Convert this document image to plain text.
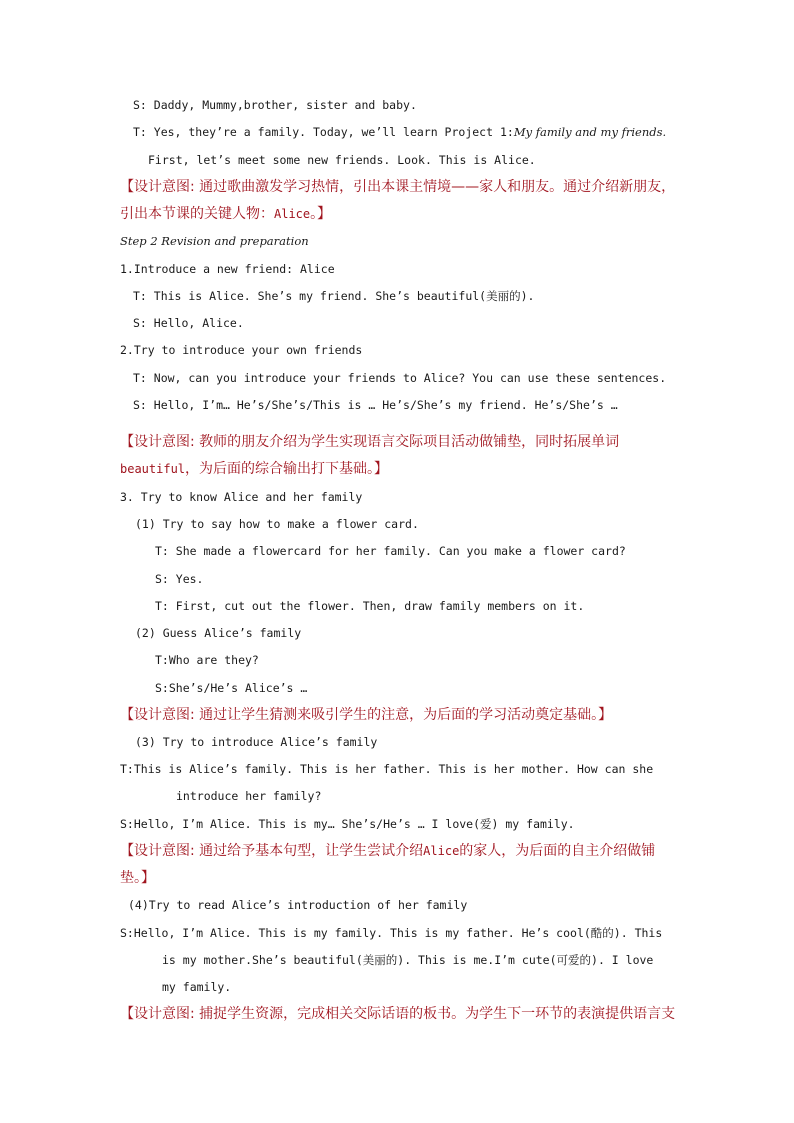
S: Daddy, Mummy,brother, sister and baby.
T: Yes, they’re a family. Today, we’ll learn Project 1:My family and my friends.
First, let’s meet some new friends. Look. This is Alice.
【设计意图: 通过歌曲激发学习热情，引出本课主情境——家人和朋友。通过介绍新朋友，
引出本节课的关键人物：Alice。】
Step 2 Revision and preparation
1.Introduce a new friend: Alice
T: This is Alice. She’s my friend. She’s beautiful(美丽的).
S: Hello, Alice.
2.Try to introduce your own friends
T: Now, can you introduce your friends to Alice? You can use these sentences.
S: Hello, I’m… He’s/She’s/This is … He’s/She’s my friend. He’s/She’s …
【设计意图: 教师的朋友介绍为学生实现语言交际项目活动做铺垫，同时拓展单词
beautiful，为后面的综合输出打下基础。】
3. Try to know Alice and her family
(1) Try to say how to make a flower card.
T: She made a flowercard for her family. Can you make a flower card?
S: Yes.
T: First, cut out the flower. Then, draw family members on it.
(2) Guess Alice’s family
T:Who are they?
S:She’s/He’s Alice’s …
【设计意图: 通过让学生猜测来吸引学生的注意，为后面的学习活动奠定基础。】
(3) Try to introduce Alice’s family
T:This is Alice’s family. This is her father. This is her mother. How can she
introduce her family?
S:Hello, I’m Alice. This is my… She’s/He’s … I love(爱) my family.
【设计意图: 通过给予基本句型，让学生尝试介绍Alice的家人，为后面的自主介绍做铺
垫。】
(4)Try to read Alice’s introduction of her family
S:Hello, I’m Alice. This is my family. This is my father. He’s cool(酷的). This
is my mother.She’s beautiful(美丽的). This is me.I’m cute(可爱的). I love
my family.
【设计意图: 捕捉学生资源，完成相关交际话语的板书。为学生下一环节的表演提供语言支
